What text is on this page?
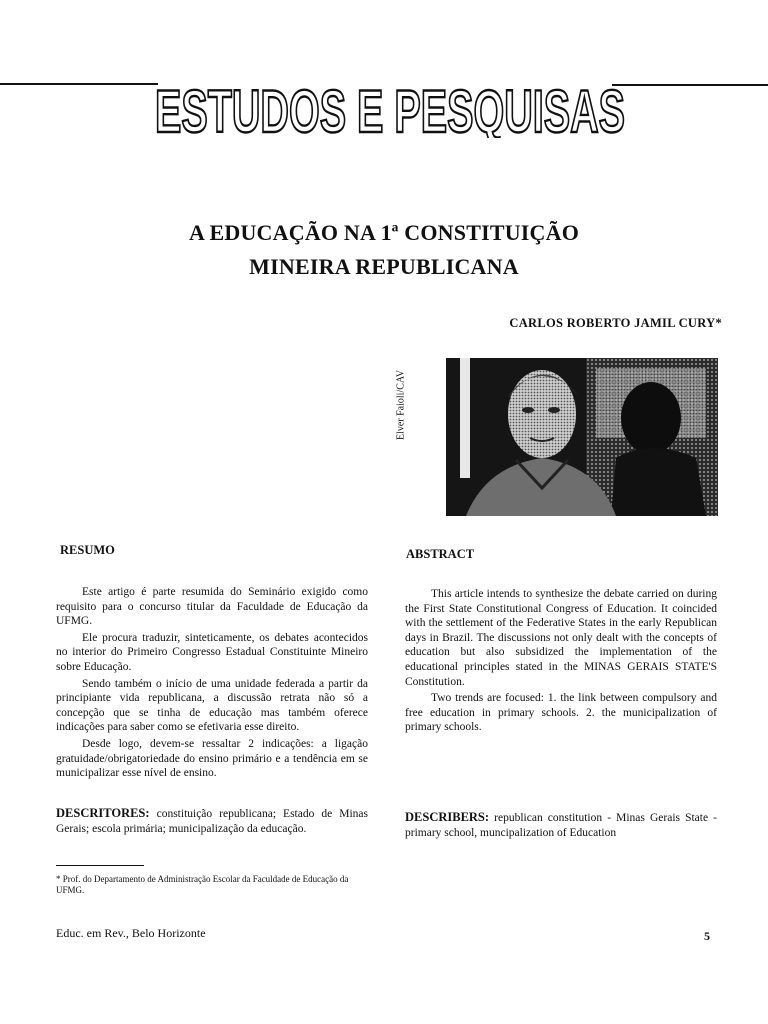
ESTUDOS E PESQUISAS
A EDUCAÇÃO NA 1ª CONSTITUIÇÃO
MINEIRA REPUBLICANA
CARLOS ROBERTO JAMIL CURY*
Elver Faioli/CAV
RESUMO

Este artigo é parte resumida do Seminário exigido como requisito para o concurso titular da Faculdade de Educação da UFMG.

Ele procura traduzir, sinteticamente, os debates acontecidos no interior do Primeiro Congresso Estadual Constituinte Mineiro sobre Educação.

Sendo também o início de uma unidade federada a partir da principiante vida republicana, a discussão retrata não só a concepção que se tinha de educação mas também oferece indicações para saber como se efetivaria esse direito.

Desde logo, devem-se ressaltar 2 indicações: a ligação gratuidade/obrigatoriedade do ensino primário e a tendência em se municipalizar esse nível de ensino.

DESCRITORES: constituição republicana; Estado de Minas Gerais; escola primária; municipalização da educação.
ABSTRACT

This article intends to synthesize the debate carried on during the First State Constitutional Congress of Education. It coincided with the settlement of the Federative States in the early Republican days in Brazil. The discussions not only dealt with the concepts of education but also subsidized the implementation of the educational principles stated in the MINAS GERAIS STATE'S Constitution.

Two trends are focused: 1. the link between compulsory and free education in primary schools. 2. the municipalization of primary schools.

DESCRIBERS: republican constitution - Minas Gerais State - primary school, muncipalization of Education
* Prof. do Departamento de Administração Escolar da Faculdade de Educação da UFMG.
Educ. em Rev., Belo Horizonte	5
